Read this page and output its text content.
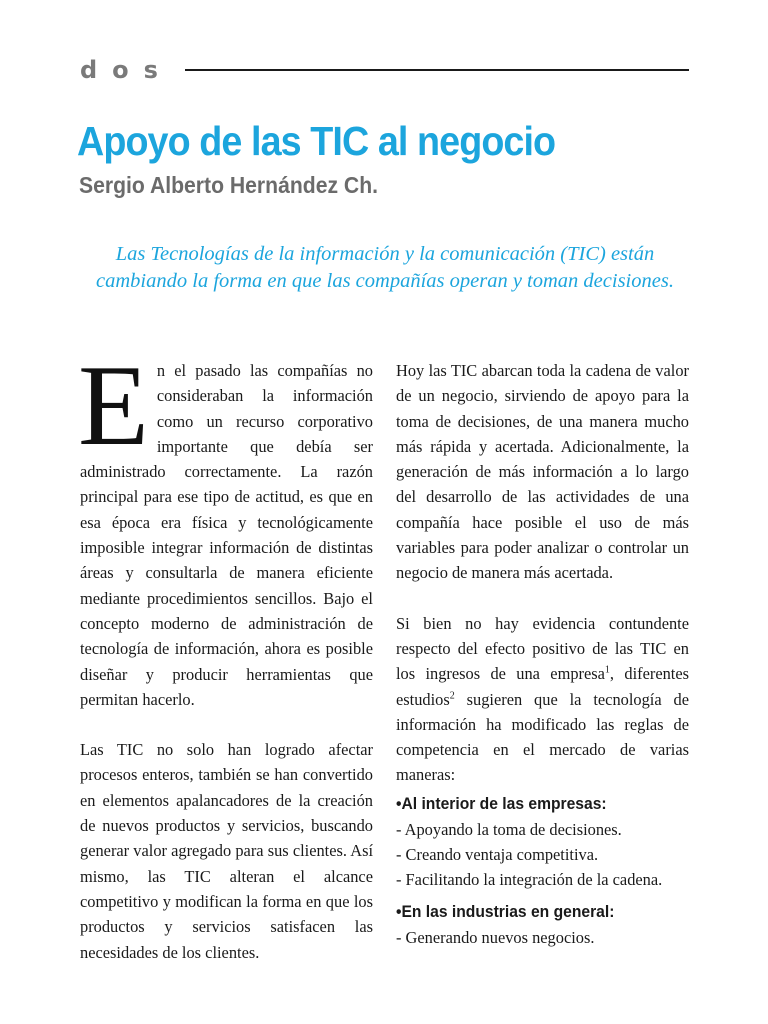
dos
Apoyo de las TIC al negocio
Sergio Alberto Hernández Ch.
Las Tecnologías de la información y la comunicación (TIC) están cambiando la forma en que las compañías operan y toman decisiones.

En el pasado las compañías no consideraban la información como un recurso corporativo importante que debía ser administrado correctamente. La razón principal para ese tipo de actitud, es que en esa época era física y tecnológicamente imposible integrar información de distintas áreas y consultarla de manera eficiente mediante procedimientos sencillos. Bajo el concepto moderno de administración de tecnología de información, ahora es posible diseñar y producir herramientas que permitan hacerlo.

Las TIC no solo han logrado afectar procesos enteros, también se han convertido en elementos apalancadores de la creación de nuevos productos y servicios, buscando generar valor agregado para sus clientes. Así mismo, las TIC alteran el alcance competitivo y modifican la forma en que los productos y servicios satisfacen las necesidades de los clientes.

Hoy las TIC abarcan toda la cadena de valor de un negocio, sirviendo de apoyo para la toma de decisiones, de una manera mucho más rápida y acertada. Adicionalmente, la generación de más información a lo largo del desarrollo de las actividades de una compañía hace posible el uso de más variables para poder analizar o controlar un negocio de manera más acertada.

Si bien no hay evidencia contundente respecto del efecto positivo de las TIC en los ingresos de una empresa$^1$, diferentes estudios$^2$ sugieren que la tecnología de información ha modificado las reglas de competencia en el mercado de varias maneras:

•Al interior de las empresas:

- Apoyando la toma de decisiones.

- Creando ventaja competitiva.

- Facilitando la integración de la cadena.

•En las industrias en general:

- Generando nuevos negocios.
